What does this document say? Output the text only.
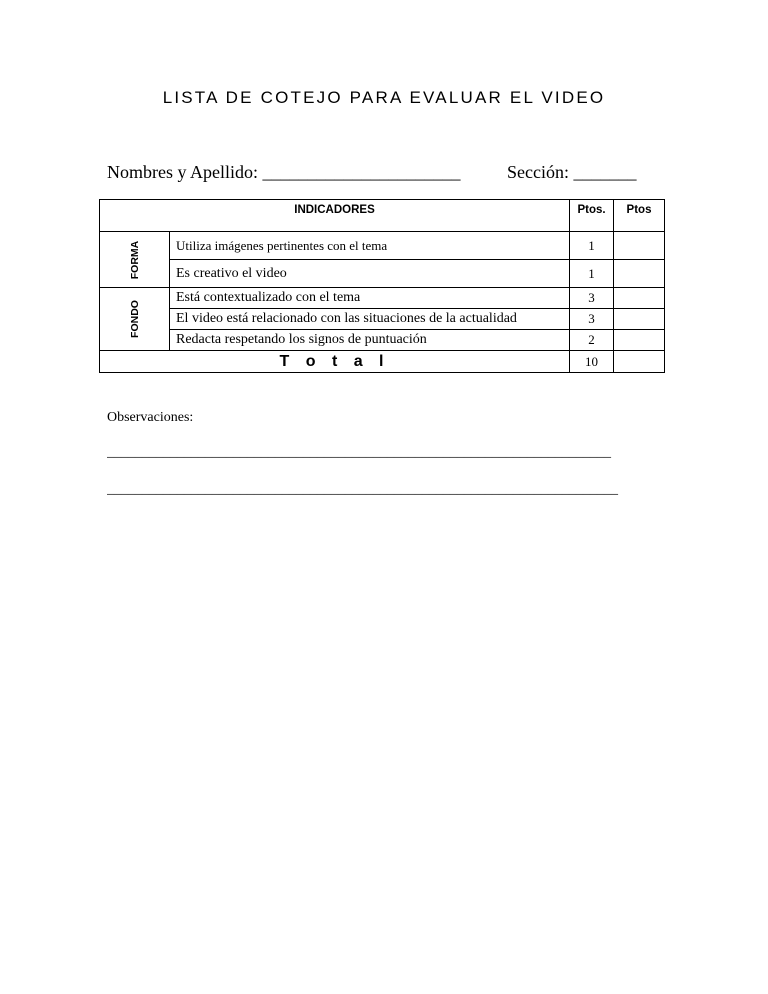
LISTA DE COTEJO PARA EVALUAR EL VIDEO
Nombres y Apellido: ______________________	Sección: _______
INDICADORES		Ptos.	Ptos

FORMA	Utiliza imágenes pertinentes con el tema	1	
	Es creativo el video	1	

FONDO	Está contextualizado con el tema	3	
	El video está relacionado con las situaciones de la actualidad	3	
	Redacta respetando los signos de puntuación	2	
T o t a l		10	
Observaciones:
________________________________________________________________________
_________________________________________________________________________
